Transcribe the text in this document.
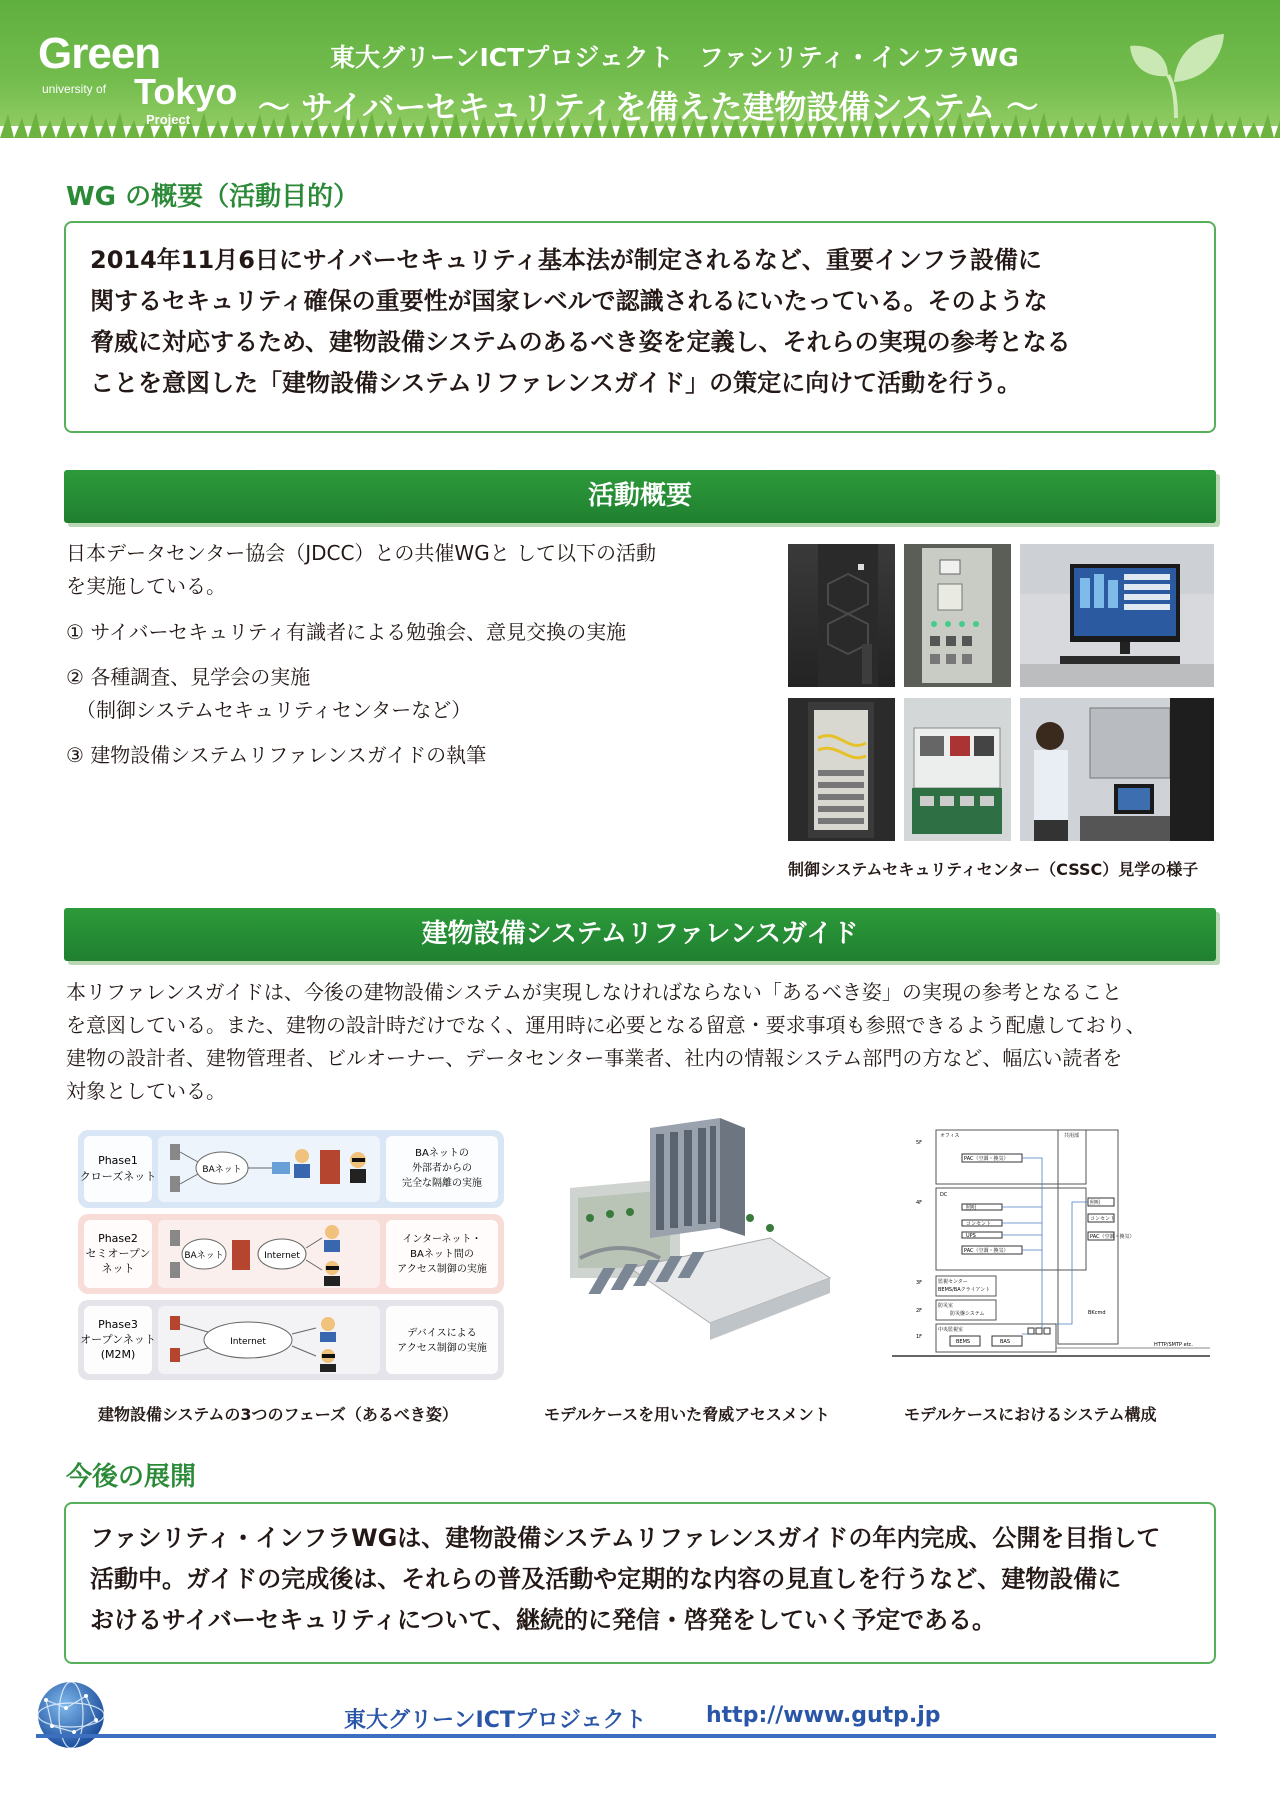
Green
university of Tokyo
Project
東大グリーンICTプロジェクト　ファシリティ・インフラWG
～ サイバーセキュリティを備えた建物設備システム ～
WG の概要（活動目的）

2014年11月6日にサイバーセキュリティ基本法が制定されるなど、重要インフラ設備に

関するセキュリティ確保の重要性が国家レベルで認識されるにいたっている。そのような

脅威に対応するため、建物設備システムのあるべき姿を定義し、それらの実現の参考となる

ことを意図した「建物設備システムリファレンスガイド」の策定に向けて活動を行う。

活動概要
日本データセンター協会（JDCC）との共催WGと して以下の活動
を実施している。
① サイバーセキュリティ有識者による勉強会、意見交換の実施
② 各種調査、見学会の実施
　（制御システムセキュリティセンターなど）
③ 建物設備システムリファレンスガイドの執筆
制御システムセキュリティセンター（CSSC）見学の様子
建物設備システムリファレンスガイド
本リファレンスガイドは、今後の建物設備システムが実現しなければならない「あるべき姿」の実現の参考となること
を意図している。また、建物の設計時だけでなく、運用時に必要となる留意・要求事項も参照できるよう配慮しており、
建物の設計者、建物管理者、ビルオーナー、データセンター事業者、社内の情報システム部門の方など、幅広い読者を
対象としている。
Phase1
クローズネット
BAネットの
外部者からの
完全な隔離の実施
Phase2
セミオープン
ネット
インターネット・
BAネット間の
アクセス制御の実施
Phase3
オープンネット
(M2M)
デバイスによる
アクセス制御の実施
BAネット
BAネット	Internet
Internet
オフィス	共用部
DC
照明
コンセント
UPS
PAC（空調・換気）
PAC（空調・換気）
照明
コンセント
PAC（空調・換気）
監視センター
BEMS/BAクライアント
防災室
防災盤システム
中央監視室
BEMS	BAS
5F
4F
3F
2F
1F
BKcmd
HTTP/SMTP etc.
建物設備システムの3つのフェーズ（あるべき姿）	モデルケースを用いた脅威アセスメント	モデルケースにおけるシステム構成
今後の展開

ファシリティ・インフラWGは、建物設備システムリファレンスガイドの年内完成、公開を目指して

活動中。ガイドの完成後は、それらの普及活動や定期的な内容の見直しを行うなど、建物設備に

おけるサイバーセキュリティについて、継続的に発信・啓発をしていく予定である。

東大グリーンICTプロジェクト	http://www.gutp.jp
